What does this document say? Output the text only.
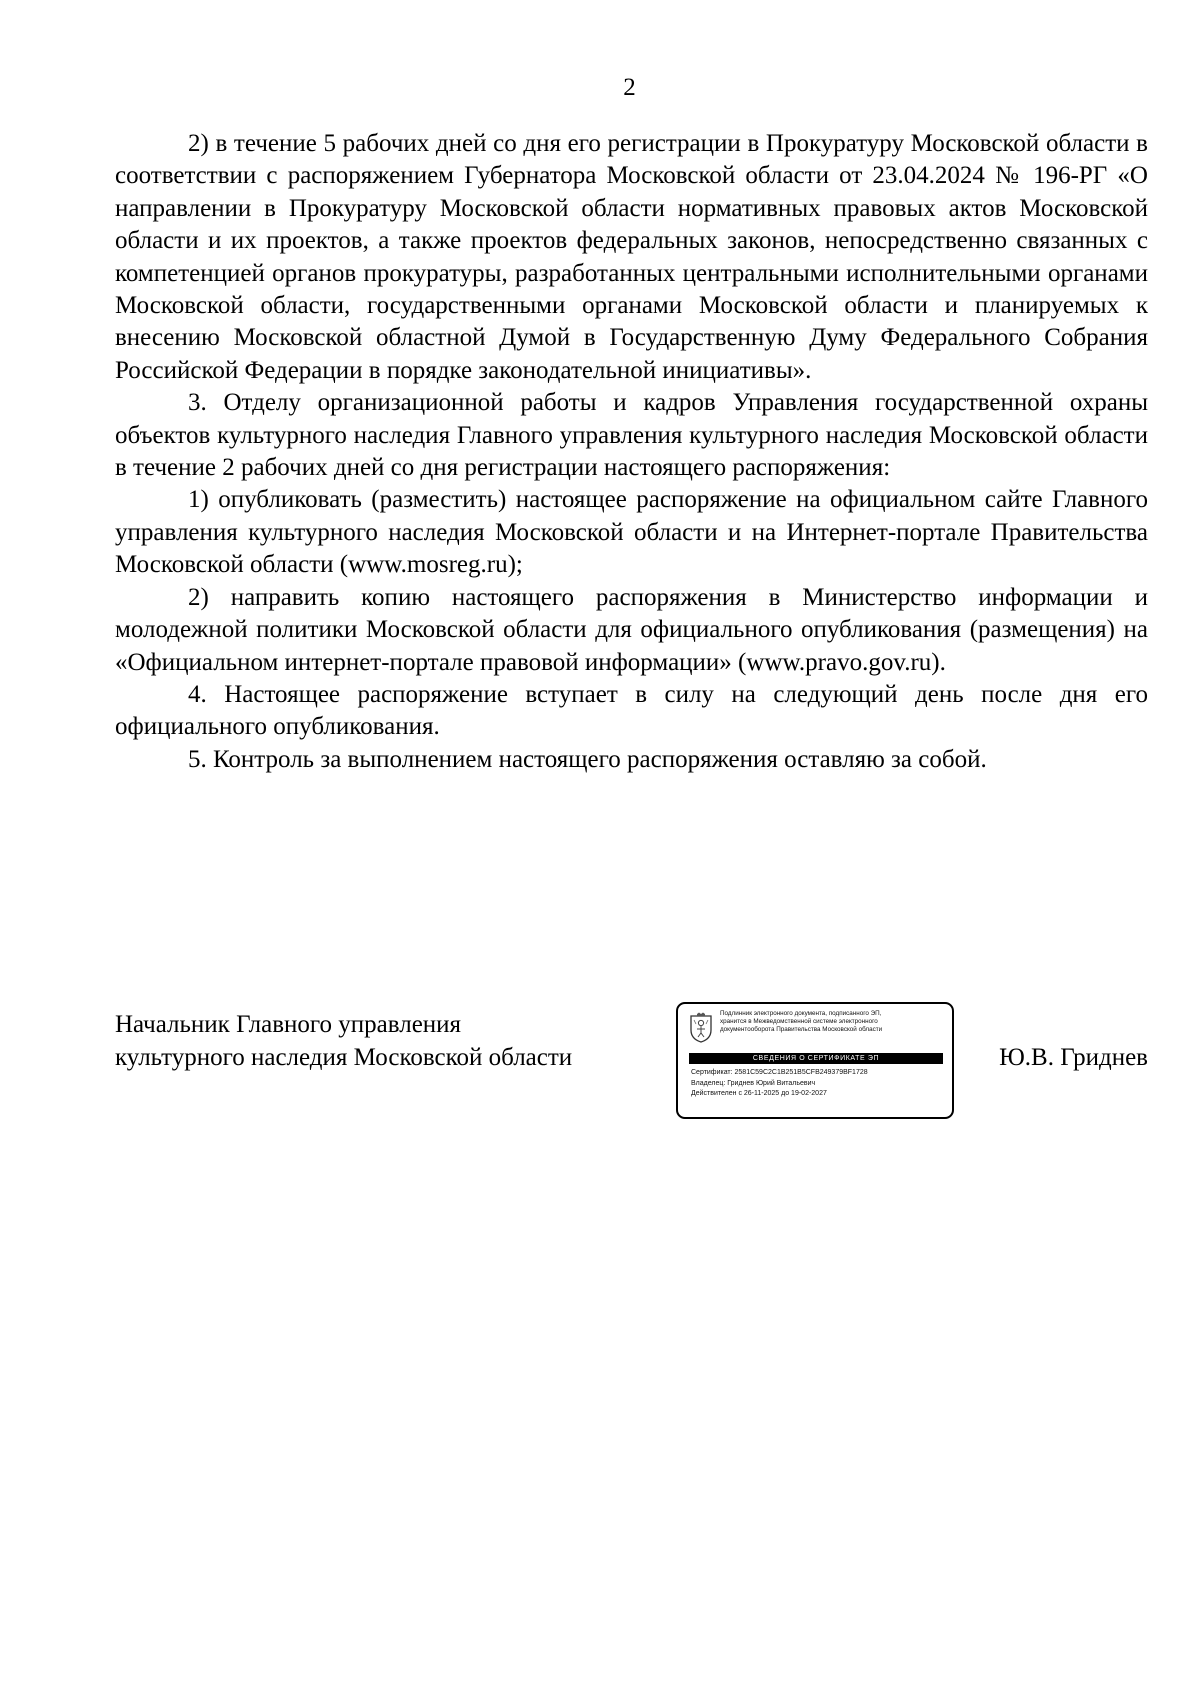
2

2) в течение 5 рабочих дней со дня его регистрации в Прокуратуру Московской области в соответствии с распоряжением Губернатора Московской области от 23.04.2024 № 196-РГ «О направлении в Прокуратуру Московской области нормативных правовых актов Московской области и их проектов, а также проектов федеральных законов, непосредственно связанных с компетенцией органов прокуратуры, разработанных центральными исполнительными органами Московской области, государственными органами Московской области и планируемых к внесению Московской областной Думой в Государственную Думу Федерального Собрания Российской Федерации в порядке законодательной инициативы».

3. Отделу организационной работы и кадров Управления государственной охраны объектов культурного наследия Главного управления культурного наследия Московской области в течение 2 рабочих дней со дня регистрации настоящего распоряжения:

1) опубликовать (разместить) настоящее распоряжение на официальном сайте Главного управления культурного наследия Московской области и на Интернет-портале Правительства Московской области (www.mosreg.ru);

2) направить копию настоящего распоряжения в Министерство информации и молодежной политики Московской области для официального опубликования (размещения) на «Официальном интернет-портале правовой информации» (www.pravo.gov.ru).

4. Настоящее распоряжение вступает в силу на следующий день после дня его официального опубликования.

5. Контроль за выполнением настоящего распоряжения оставляю за собой.

Начальник Главного управления
культурного наследия Московской области
Подлинник электронного документа, подписанного ЭП,
хранится в Межведомственной системе электронного
документооборота Правительства Московской области
СВЕДЕНИЯ О СЕРТИФИКАТЕ ЭП
Сертификат: 2581C59C2C1B251B5CFB249379BF1728
Владелец: Гриднев Юрий Витальевич
Действителен с 26-11-2025 до 19-02-2027
Ю.В. Гриднев
